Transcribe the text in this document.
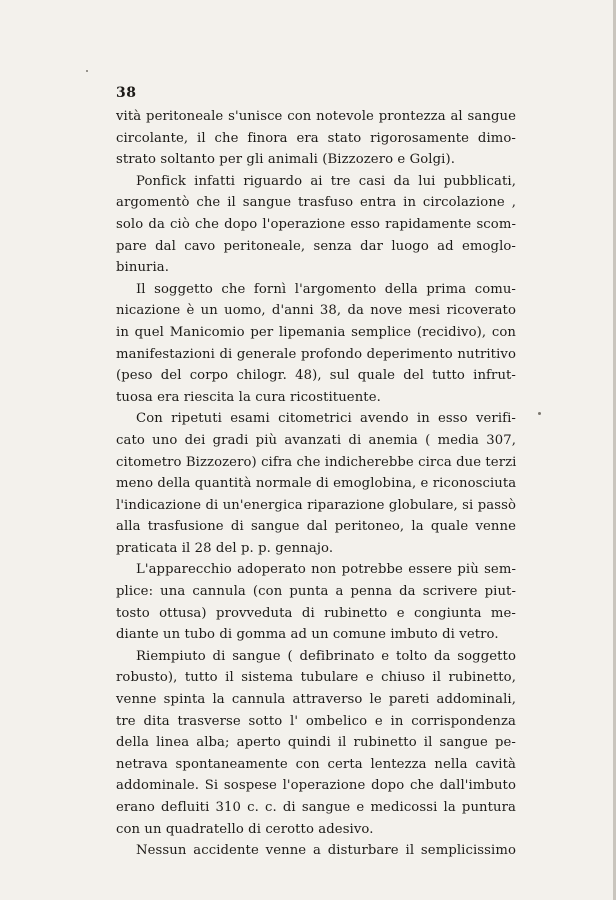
38
vità peritoneale s'unisce con notevole prontezza al sangue
circolante, il che finora era stato rigorosamente dimo-
strato soltanto per gli animali (Bizzozero e Golgi).
Ponfick infatti riguardo ai tre casi da lui pubblicati,
argomentò che il sangue trasfuso entra in circolazione ,
solo da ciò che dopo l'operazione esso rapidamente scom-
pare dal cavo peritoneale, senza dar luogo ad emoglo-
binuria.
Il soggetto che fornì l'argomento della prima comu-
nicazione è un uomo, d'anni 38, da nove mesi ricoverato
in quel Manicomio per lipemania semplice (recidivo), con
manifestazioni di generale profondo deperimento nutritivo
(peso del corpo chilogr. 48), sul quale del tutto infrut-
tuosa era riescita la cura ricostituente.
Con ripetuti esami citometrici avendo in esso verifi-
cato uno dei gradi più avanzati di anemia ( media 307,
citometro Bizzozero) cifra che indicherebbe circa due terzi
meno della quantità normale di emoglobina, e riconosciuta
l'indicazione di un'energica riparazione globulare, si passò
alla trasfusione di sangue dal peritoneo, la quale venne
praticata il 28 del p. p. gennajo.
L'apparecchio adoperato non potrebbe essere più sem-
plice: una cannula (con punta a penna da scrivere piut-
tosto ottusa) provveduta di rubinetto e congiunta me-
diante un tubo di gomma ad un comune imbuto di vetro.
Riempiuto di sangue ( defibrinato e tolto da soggetto
robusto), tutto il sistema tubulare e chiuso il rubinetto,
venne spinta la cannula attraverso le pareti addominali,
tre dita trasverse sotto l' ombelico e in corrispondenza
della linea alba; aperto quindi il rubinetto il sangue pe-
netrava spontaneamente con certa lentezza nella cavità
addominale. Si sospese l'operazione dopo che dall'imbuto
erano defluiti 310 c. c. di sangue e medicossi la puntura
con un quadratello di cerotto adesivo.
Nessun accidente venne a disturbare il semplicissimo
